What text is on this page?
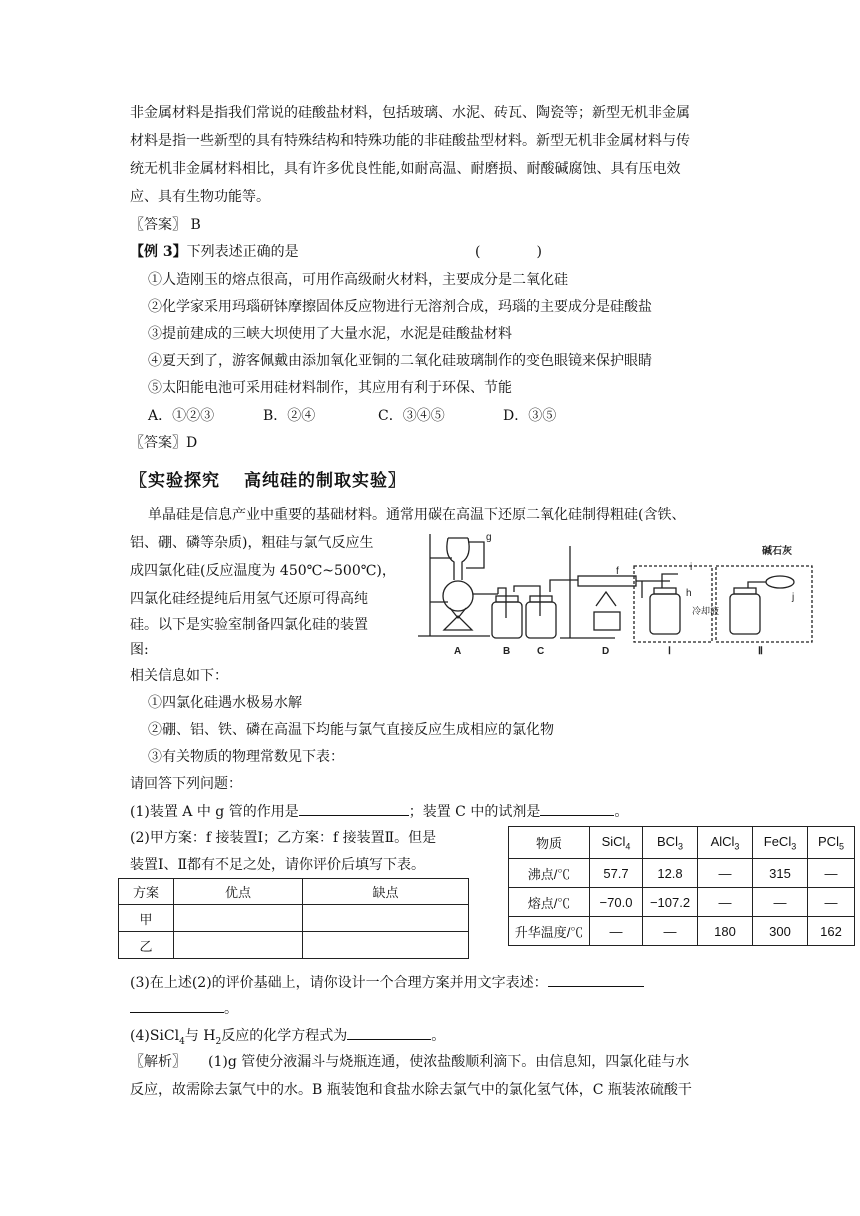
非金属材料是指我们常说的硅酸盐材料，包括玻璃、水泥、砖瓦、陶瓷等；新型无机非金属
材料是指一些新型的具有特殊结构和特殊功能的非硅酸盐型材料。新型无机非金属材料与传
统无机非金属材料相比，具有许多优良性能,如耐高温、耐磨损、耐酸碱腐蚀、具有压电效
应、具有生物功能等。
〖答案〗 B
【例 3】下列表述正确的是	(　　　　)
①人造刚玉的熔点很高，可用作高级耐火材料，主要成分是二氧化硅
②化学家采用玛瑙研钵摩擦固体反应物进行无溶剂合成，玛瑙的主要成分是硅酸盐
③提前建成的三峡大坝使用了大量水泥，水泥是硅酸盐材料
④夏天到了，游客佩戴由添加氧化亚铜的二氧化硅玻璃制作的变色眼镜来保护眼睛
⑤太阳能电池可采用硅材料制作，其应用有利于环保、节能
A．①②③	B．②④	C．③④⑤	D．③⑤
〖答案〗D
〖实验探究 高纯硅的制取实验〗
单晶硅是信息产业中重要的基础材料。通常用碳在高温下还原二氧化硅制得粗硅(含铁、
铝、硼、磷等杂质)，粗硅与氯气反应生
成四氯化硅(反应温度为 450℃~500℃)，
四氯化硅经提纯后用氢气还原可得高纯
硅。以下是实验室制备四氯化硅的装置
图:
g
f	i
h	j
碱石灰
冷却液
A	B	C	D	Ⅰ	Ⅱ
相关信息如下：
①四氯化硅遇水极易水解
②硼、铝、铁、磷在高温下均能与氯气直接反应生成相应的氯化物
③有关物质的物理常数见下表：
请回答下列问题：
(1)装置 A 中 g 管的作用是	；装置 C 中的试剂是	。
(2)甲方案：f 接装置Ⅰ；乙方案：f 接装置Ⅱ。但是
装置Ⅰ、Ⅱ都有不足之处，请你评价后填写下表。
方案	优点	缺点
甲		
乙		
物质	SiCl$_4$	BCl$_3$	AlCl$_3$	FeCl$_3$	PCl$_5$
沸点/℃	57.7	12.8	—	315	—
熔点/℃	−70.0	−107.2	—	—	—
升华温度/℃	—	—	180	300	162
(3)在上述(2)的评价基础上，请你设计一个合理方案并用文字表述：
。
(4)SiCl$_4$与 $H_2$反应的化学方程式为	。
〖解析〗 (1)g 管使分液漏斗与烧瓶连通，使浓盐酸顺利滴下。由信息知，四氯化硅与水
反应，故需除去氯气中的水。B 瓶装饱和食盐水除去氯气中的氯化氢气体，C 瓶装浓硫酸干
